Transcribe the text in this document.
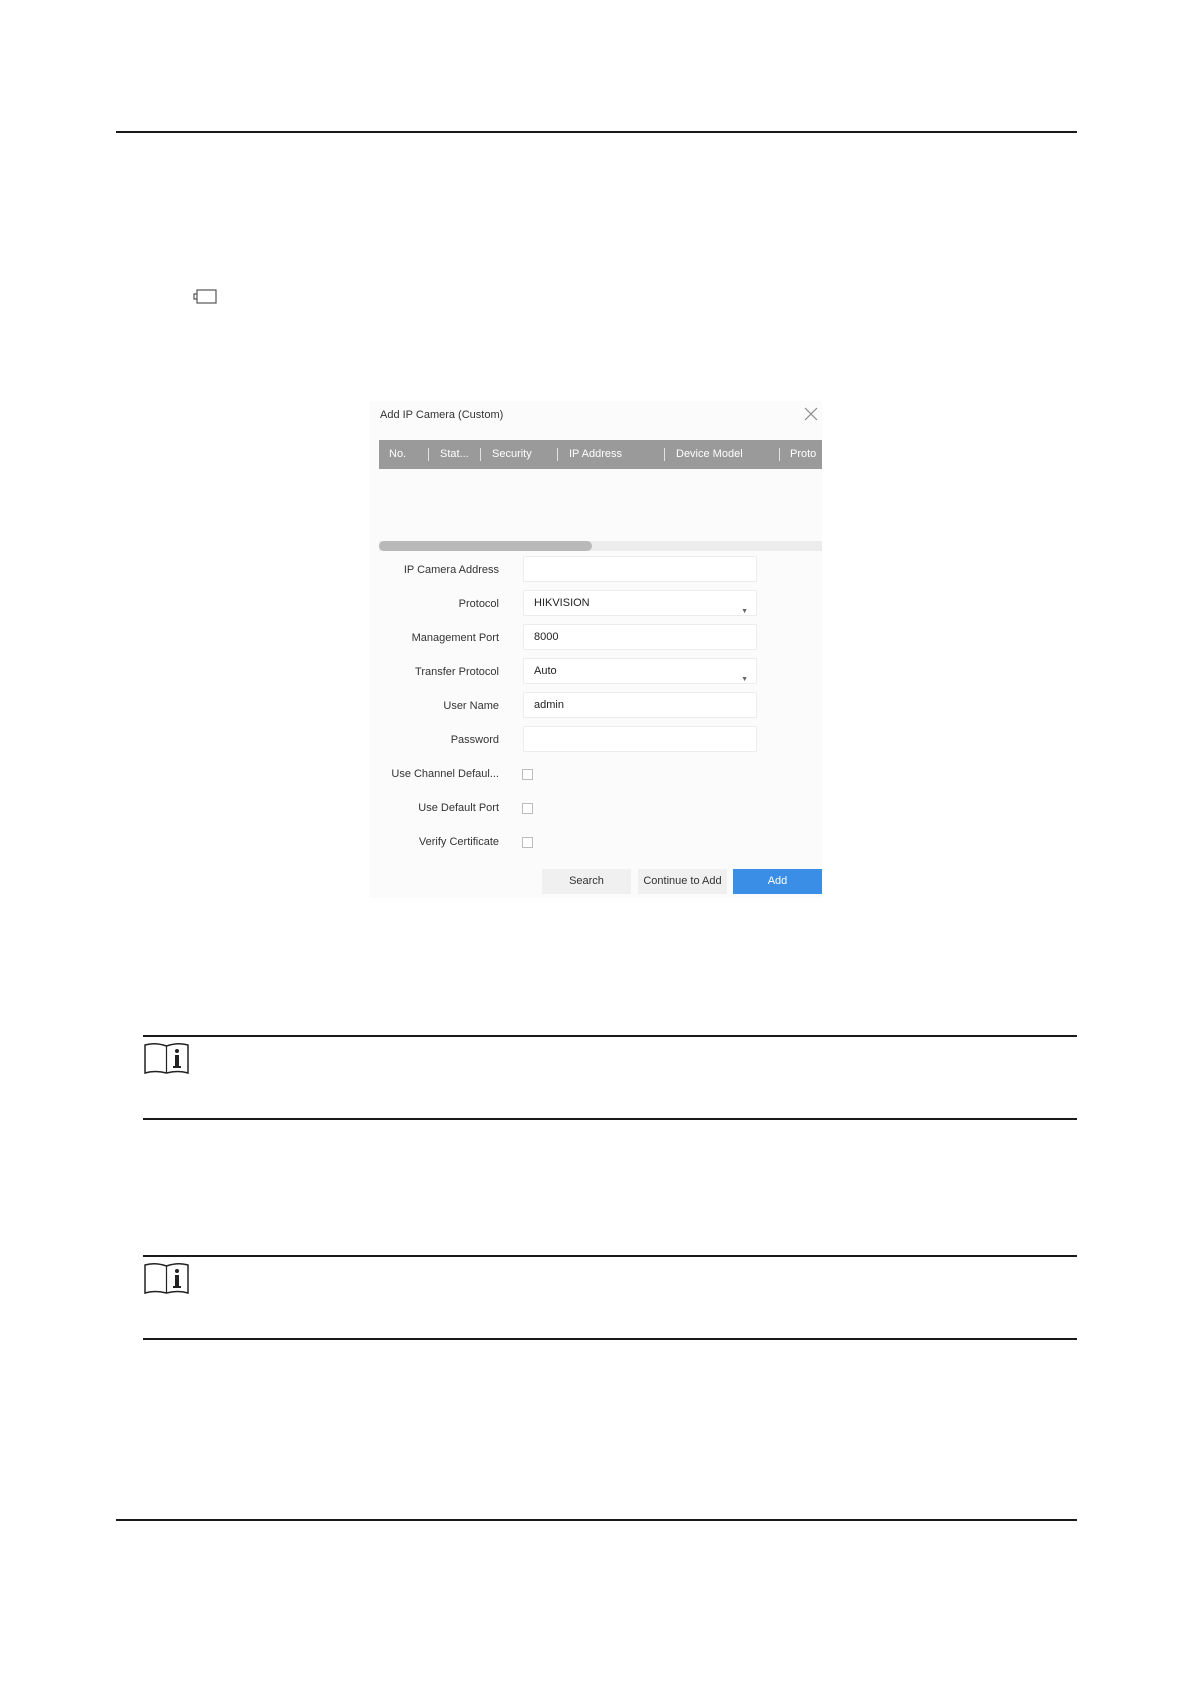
Add IP Camera (Custom)
No.	Stat... Security	IP Address	Device Model	Proto
IP Camera Address
Protocol	HIKVISION
▼
Management Port	8000
Transfer Protocol	Auto
▼
User Name	admin
Password
Use Channel Defaul...
Use Default Port
Verify Certificate
Search	Continue to Add	Add
